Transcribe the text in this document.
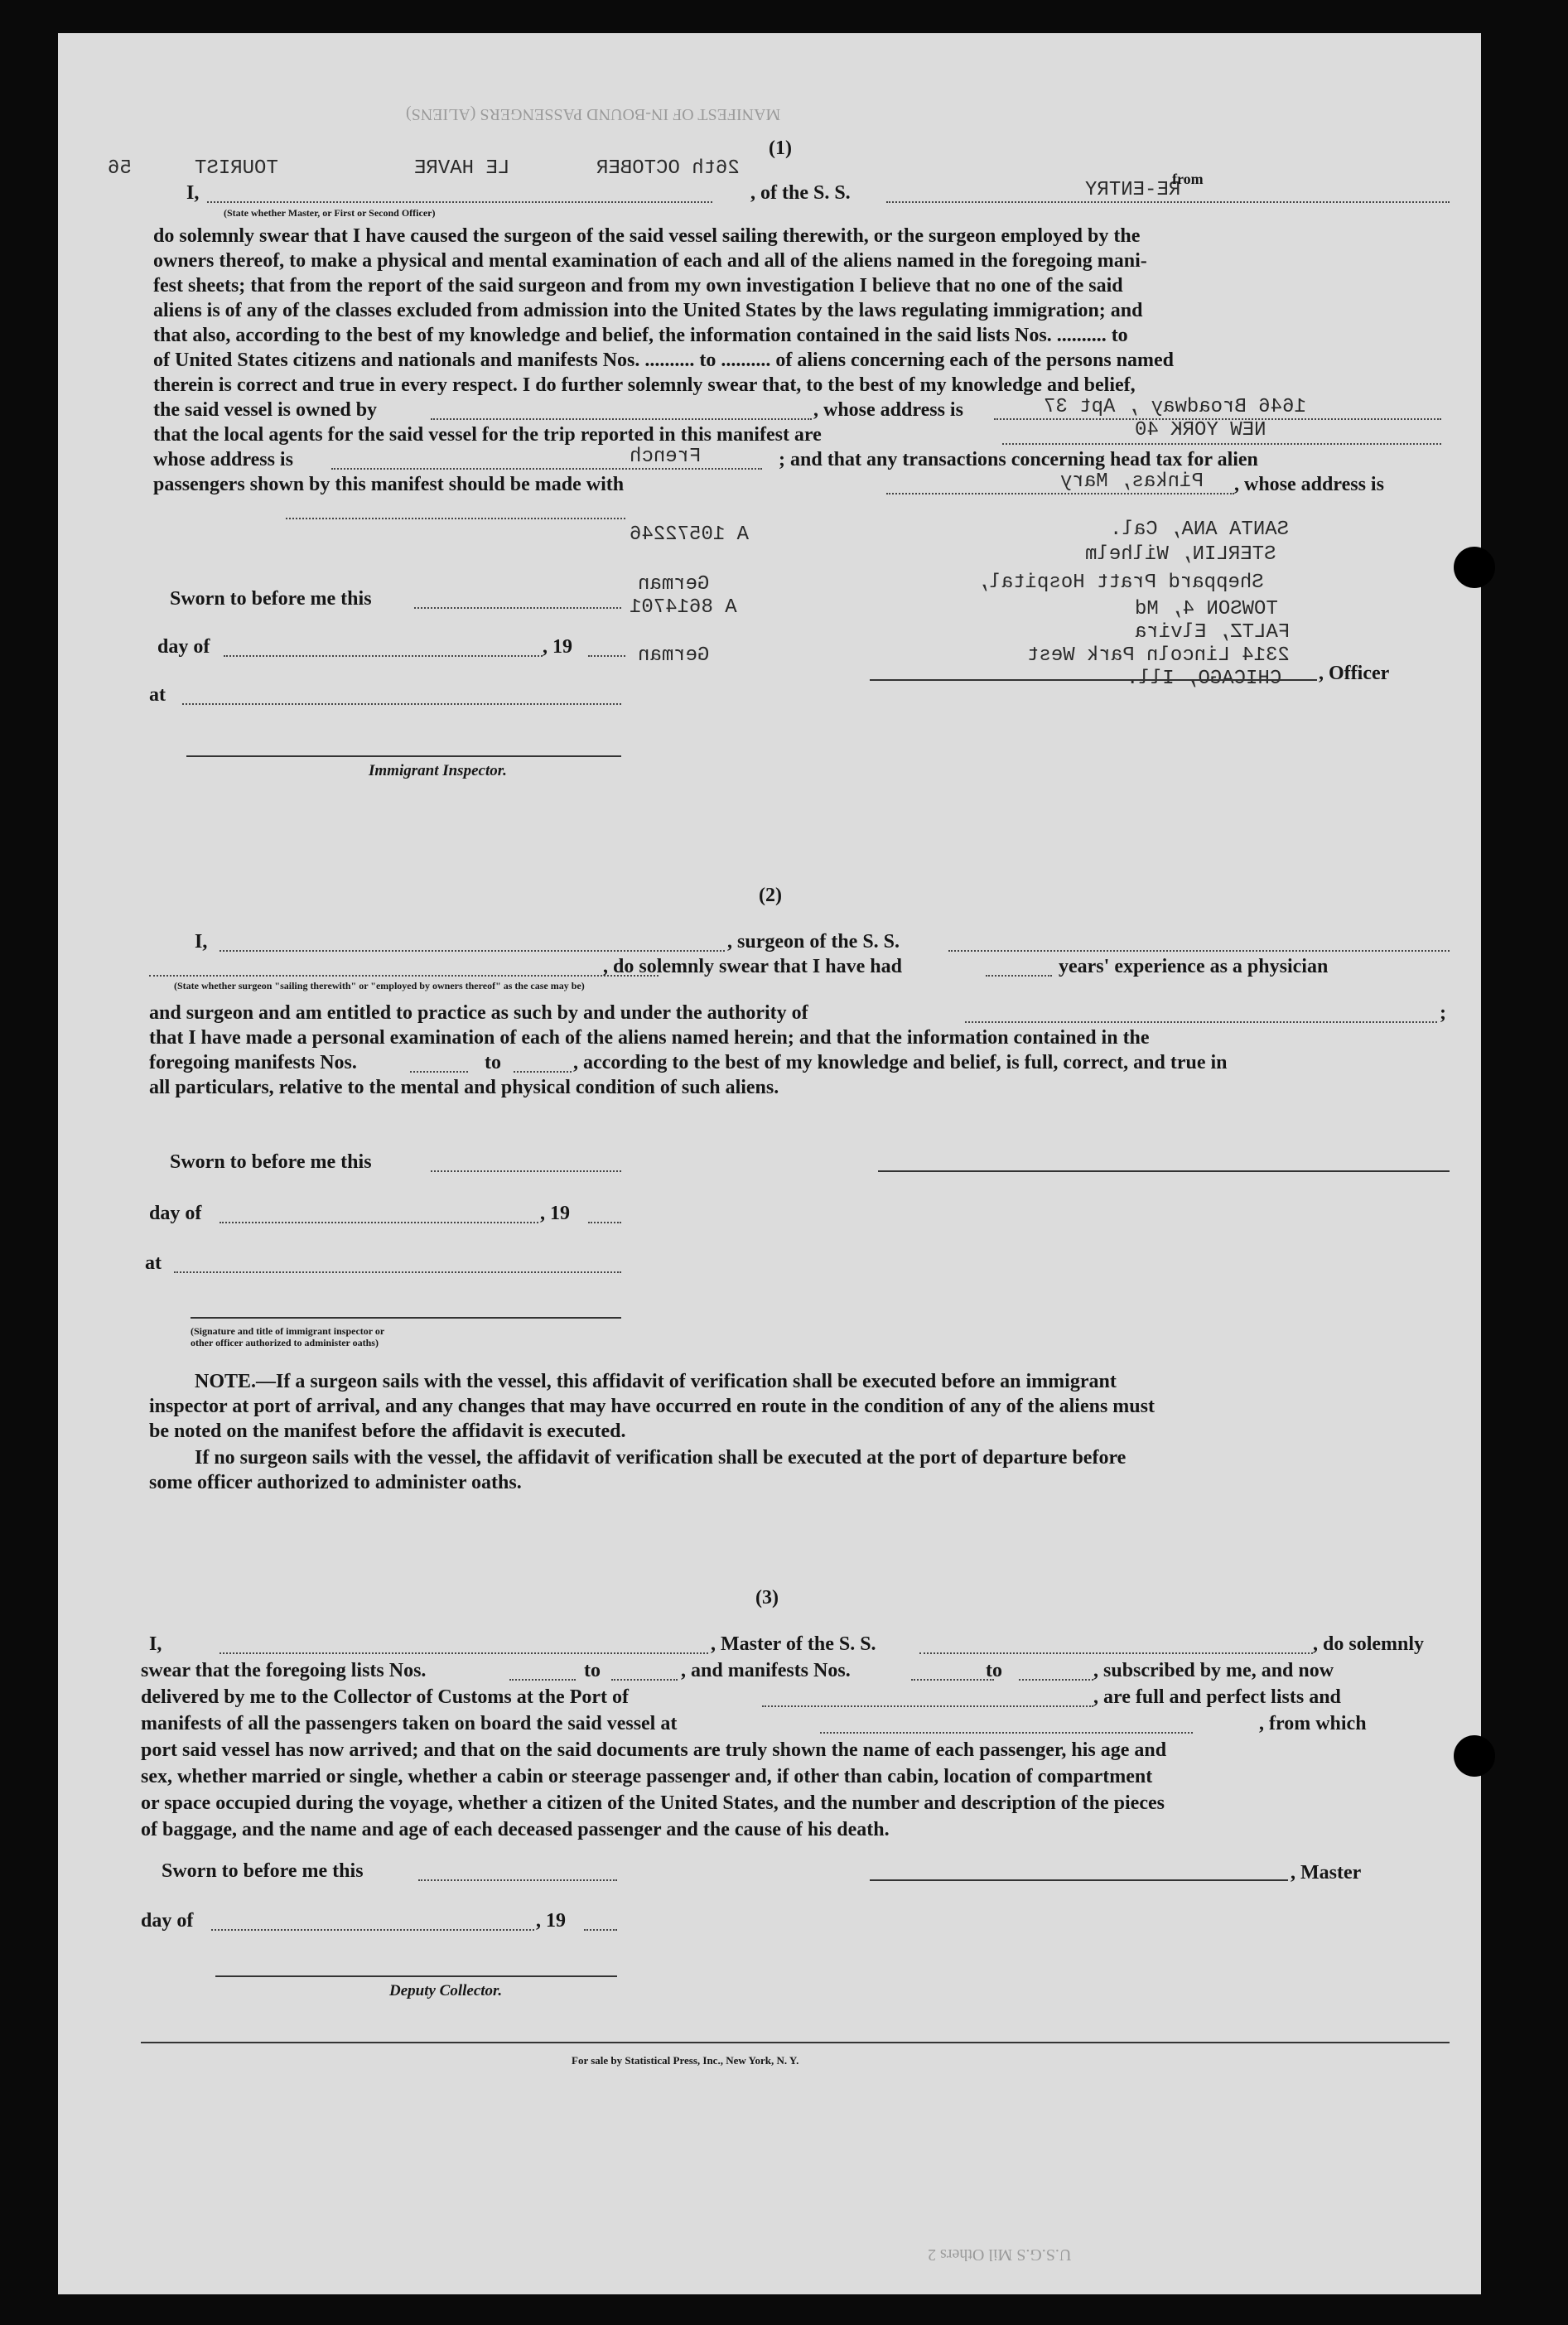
MANIFEST OF IN-BOUND PASSENGERS (ALIENS)
U.S.G.S Mil Others 2
(1)
56	TOURIST	LE HAVRE	26th OCTOBER
I,	, of the S. S.	RE-ENTRY
from
(State whether Master, or First or Second Officer)
do solemnly swear that I have caused the surgeon of the said vessel sailing therewith, or the surgeon employed by the
owners thereof, to make a physical and mental examination of each and all of the aliens named in the foregoing mani-
fest sheets; that from the report of the said surgeon and from my own investigation I believe that no one of the said
aliens is of any of the classes excluded from admission into the United States by the laws regulating immigration; and
that also, according to the best of my knowledge and belief, the information contained in the said lists Nos. .......... to
of United States citizens and nationals and manifests Nos. .......... to .......... of aliens concerning each of the persons named
therein is correct and true in every respect. I do further solemnly swear that, to the best of my knowledge and belief,
the said vessel is owned by	, whose address is
that the local agents for the said vessel for the trip reported in this manifest are
whose address is	; and that any transactions concerning head tax for alien
passengers shown by this manifest should be made with	, whose address is
French
A 10572246
German
A 8614701
German
1646 Broadway , Apt 37
NEW YORK 40
Pinkas, Mary
SANTA ANA, Cal.
STERLIN, Wilhelm
Sheppard Pratt Hospital,
TOWSON 4, Md
FALTZ, Elvira
2314 Lincoln Park West
CHICAGO, Ill.
Sworn to before me this
day of	, 19
at
, Officer
Immigrant Inspector.
(2)
I,	, surgeon of the S. S.
, do solemnly swear that I have had	years' experience as a physician
(State whether surgeon "sailing therewith" or "employed by owners thereof" as the case may be)
and surgeon and am entitled to practice as such by and under the authority of	;
that I have made a personal examination of each of the aliens named herein; and that the information contained in the
foregoing manifests Nos.	to	, according to the best of my knowledge and belief, is full, correct, and true in
all particulars, relative to the mental and physical condition of such aliens.
Sworn to before me this
day of	, 19
at
(Signature and title of immigrant inspector or
other officer authorized to administer oaths)
NOTE.—If a surgeon sails with the vessel, this affidavit of verification shall be executed before an immigrant
inspector at port of arrival, and any changes that may have occurred en route in the condition of any of the aliens must
be noted on the manifest before the affidavit is executed.
If no surgeon sails with the vessel, the affidavit of verification shall be executed at the port of departure before
some officer authorized to administer oaths.
(3)
I,	, Master of the S. S.	, do solemnly
swear that the foregoing lists Nos.	to	, and manifests Nos.	to	, subscribed by me, and now
delivered by me to the Collector of Customs at the Port of	, are full and perfect lists and
manifests of all the passengers taken on board the said vessel at	, from which
port said vessel has now arrived; and that on the said documents are truly shown the name of each passenger, his age and
sex, whether married or single, whether a cabin or steerage passenger and, if other than cabin, location of compartment
or space occupied during the voyage, whether a citizen of the United States, and the number and description of the pieces
of baggage, and the name and age of each deceased passenger and the cause of his death.
Sworn to before me this	, Master
day of	, 19
Deputy Collector.
For sale by Statistical Press, Inc., New York, N. Y.
